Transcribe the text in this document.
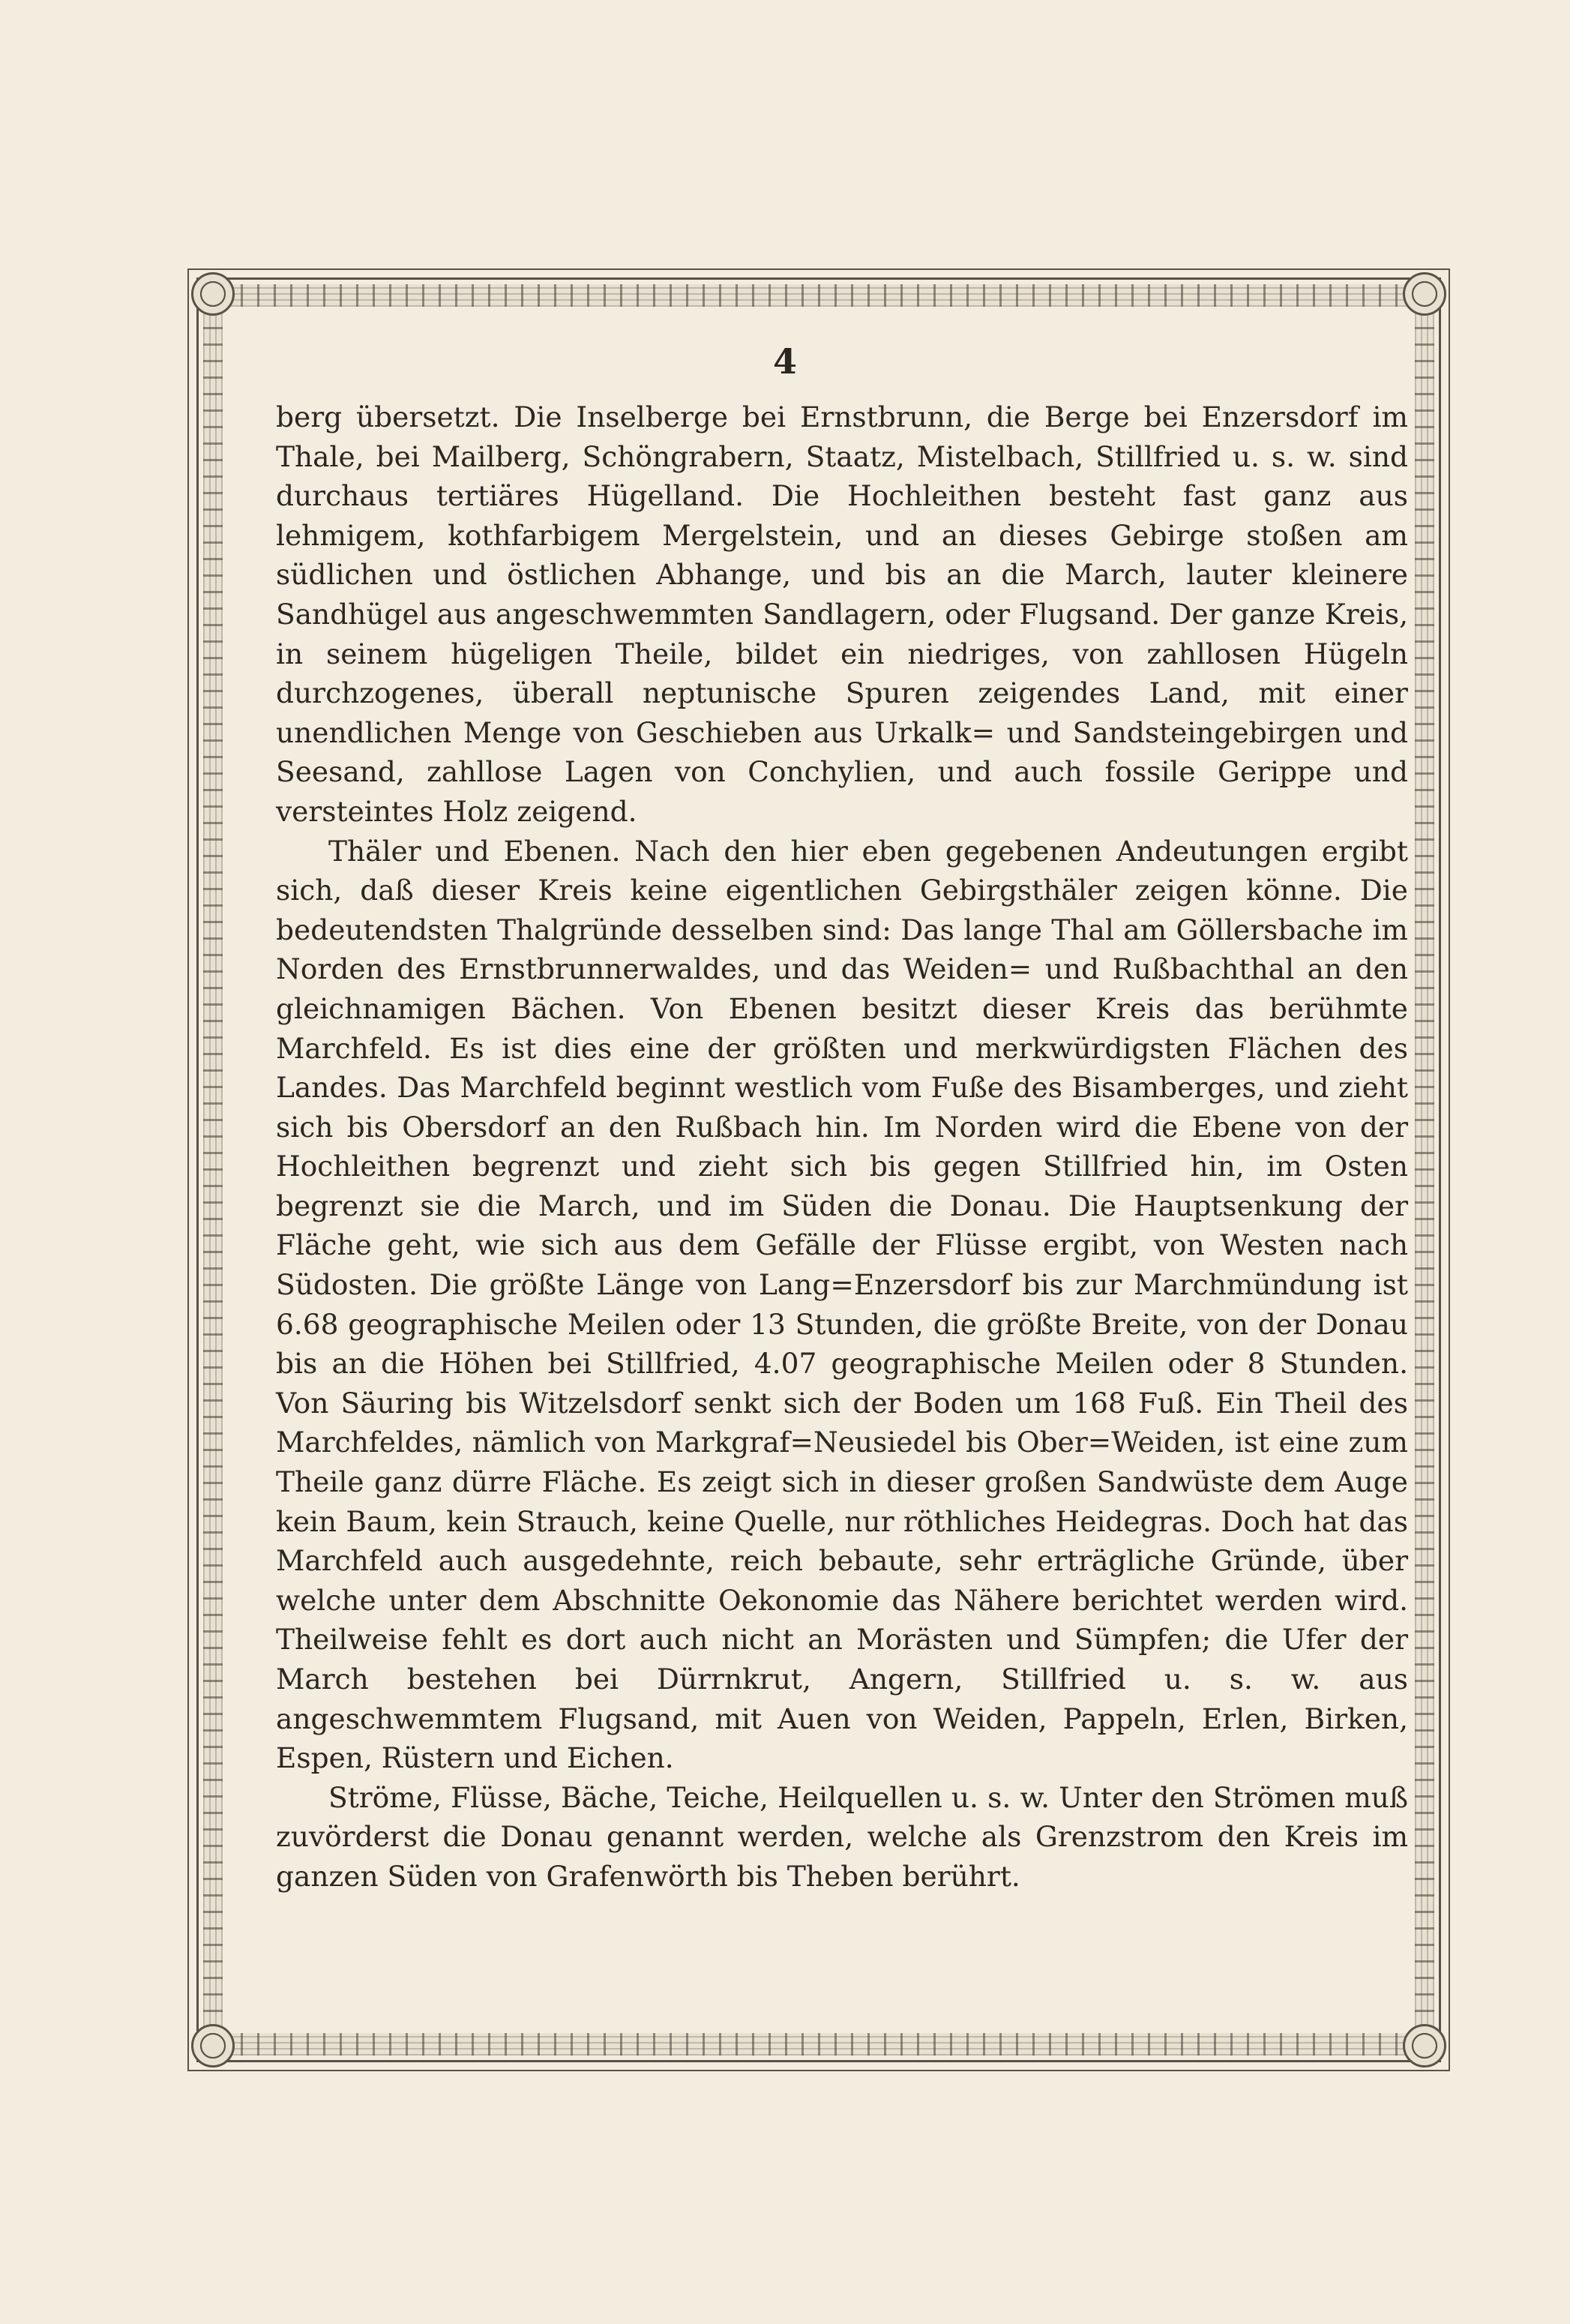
4

berg übersetzt. Die Inselberge bei Ernstbrunn, die Berge bei Enzersdorf im Thale, bei Mailberg, Schöngrabern, Staatz, Mistelbach, Stillfried u. s. w. sind durchaus tertiäres Hügelland. Die Hochleithen besteht fast ganz aus lehmigem, kothfarbigem Mergelstein, und an dieses Gebirge stoßen am südlichen und östlichen Abhange, und bis an die March, lauter kleinere Sandhügel aus angeschwemmten Sandlagern, oder Flugsand. Der ganze Kreis, in seinem hügeligen Theile, bildet ein niedriges, von zahllosen Hügeln durchzogenes, überall neptunische Spuren zeigendes Land, mit einer unendlichen Menge von Geschieben aus Urkalk= und Sandsteingebirgen und Seesand, zahllose Lagen von Conchylien, und auch fossile Gerippe und versteintes Holz zeigend.

Thäler und Ebenen. Nach den hier eben gegebenen Andeutungen ergibt sich, daß dieser Kreis keine eigentlichen Gebirgsthäler zeigen könne. Die bedeutendsten Thalgründe desselben sind: Das lange Thal am Göllersbache im Norden des Ernstbrunnerwaldes, und das Weiden= und Rußbachthal an den gleichnamigen Bächen. Von Ebenen besitzt dieser Kreis das berühmte Marchfeld. Es ist dies eine der größten und merkwürdigsten Flächen des Landes. Das Marchfeld beginnt westlich vom Fuße des Bisamberges, und zieht sich bis Obersdorf an den Rußbach hin. Im Norden wird die Ebene von der Hochleithen begrenzt und zieht sich bis gegen Stillfried hin, im Osten begrenzt sie die March, und im Süden die Donau. Die Hauptsenkung der Fläche geht, wie sich aus dem Gefälle der Flüsse ergibt, von Westen nach Südosten. Die größte Länge von Lang=Enzersdorf bis zur Marchmündung ist 6.68 geographische Meilen oder 13 Stunden, die größte Breite, von der Donau bis an die Höhen bei Stillfried, 4.07 geographische Meilen oder 8 Stunden. Von Säuring bis Witzelsdorf senkt sich der Boden um 168 Fuß. Ein Theil des Marchfeldes, nämlich von Markgraf=Neusiedel bis Ober=Weiden, ist eine zum Theile ganz dürre Fläche. Es zeigt sich in dieser großen Sandwüste dem Auge kein Baum, kein Strauch, keine Quelle, nur röthliches Heidegras. Doch hat das Marchfeld auch ausgedehnte, reich bebaute, sehr erträgliche Gründe, über welche unter dem Abschnitte Oekonomie das Nähere berichtet werden wird. Theilweise fehlt es dort auch nicht an Morästen und Sümpfen; die Ufer der March bestehen bei Dürrnkrut, Angern, Stillfried u. s. w. aus angeschwemmtem Flugsand, mit Auen von Weiden, Pappeln, Erlen, Birken, Espen, Rüstern und Eichen.

Ströme, Flüsse, Bäche, Teiche, Heilquellen u. s. w. Unter den Strömen muß zuvörderst die Donau genannt werden, welche als Grenzstrom den Kreis im ganzen Süden von Grafenwörth bis Theben berührt.
